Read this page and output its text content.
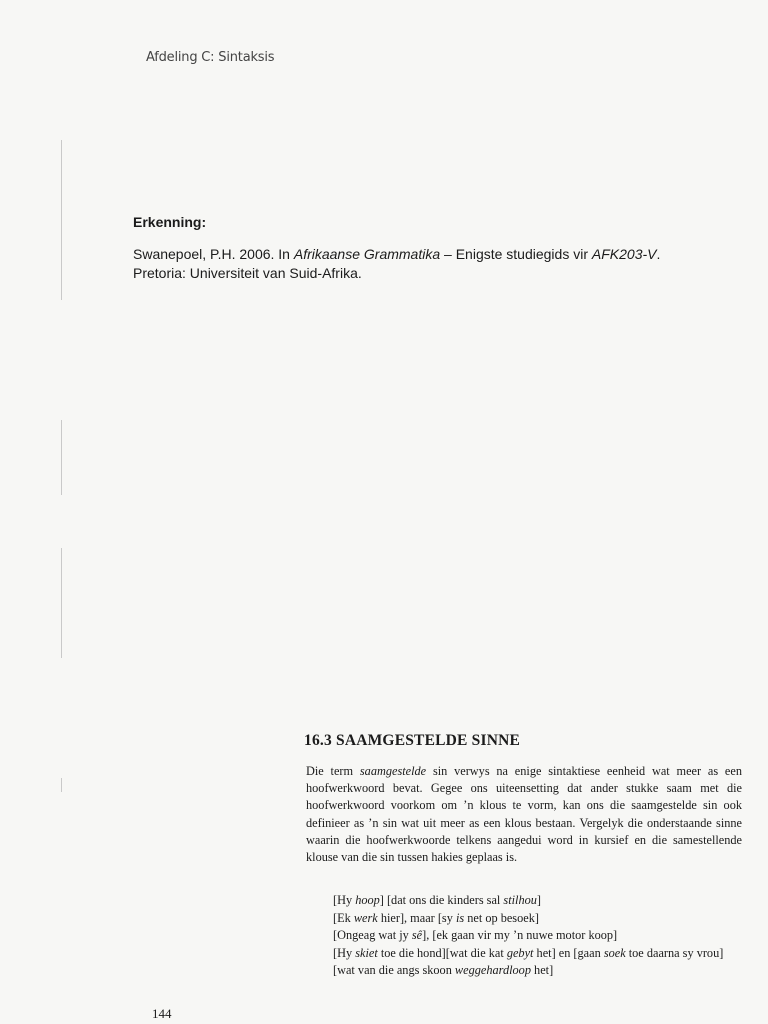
Afdeling C: Sintaksis
Erkenning:
Swanepoel, P.H. 2006. In Afrikaanse Grammatika – Enigste studiegids vir AFK203-V. Pretoria: Universiteit van Suid-Afrika.
16.3 SAAMGESTELDE SINNE
Die term saamgestelde sin verwys na enige sintaktiese eenheid wat meer as een hoofwerkwoord bevat. Gegee ons uiteensetting dat ander stukke saam met die hoofwerkwoord voorkom om ’n klous te vorm, kan ons die saamgestelde sin ook definieer as ’n sin wat uit meer as een klous bestaan. Vergelyk die onderstaande sinne waarin die hoofwerkwoorde telkens aangedui word in kursief en die samestellende klouse van die sin tussen hakies geplaas is.

[Hy hoop] [dat ons die kinders sal stilhou]

[Ek werk hier], maar [sy is net op besoek]

[Ongeag wat jy sê], [ek gaan vir my ’n nuwe motor koop]

[Hy skiet toe die hond][wat die kat gebyt het] en [gaan soek toe daarna sy vrou][wat van die angs skoon weggehardloop het]

144
